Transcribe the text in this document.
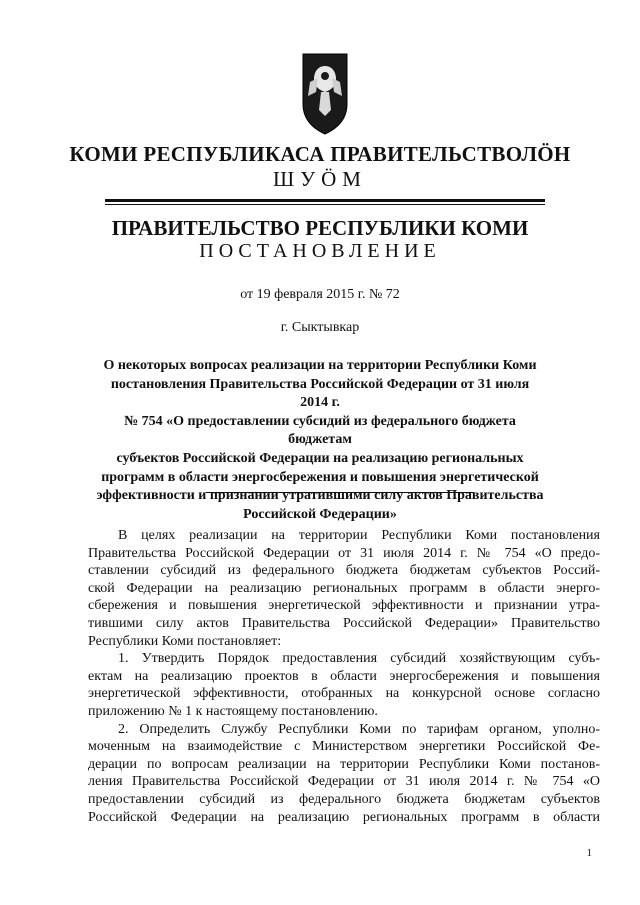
КОМИ РЕСПУБЛИКАСА ПРАВИТЕЛЬСТВОЛӦН
ШУӦМ
ПРАВИТЕЛЬСТВО РЕСПУБЛИКИ КОМИ
ПОСТАНОВЛЕНИЕ
от 19 февраля 2015 г. № 72
г. Сыктывкар
О некоторых вопросах реализации на территории Республики Коми
постановления Правительства Российской Федерации от 31 июля 2014 г.
№ 754 «О предоставлении субсидий из федерального бюджета бюджетам
субъектов Российской Федерации на реализацию региональных
программ в области энергосбережения и повышения энергетической
эффективности и признании утратившими силу актов Правительства
Российской Федерации»
В целях реализации на территории Республики Коми постановления
Правительства Российской Федерации от 31 июля 2014 г. № 754 «О предо-
ставлении субсидий из федерального бюджета бюджетам субъектов Россий-
ской Федерации на реализацию региональных программ в области энерго-
сбережения и повышения энергетической эффективности и признании утра-
тившими силу актов Правительства Российской Федерации» Правительство
Республики Коми постановляет:
1. Утвердить Порядок предоставления субсидий хозяйствующим субъ-
ектам на реализацию проектов в области энергосбережения и повышения
энергетической эффективности, отобранных на конкурсной основе согласно
приложению № 1 к настоящему постановлению.
2. Определить Службу Республики Коми по тарифам органом, уполно-
моченным на взаимодействие с Министерством энергетики Российской Фе-
дерации по вопросам реализации на территории Республики Коми постанов-
ления Правительства Российской Федерации от 31 июля 2014 г. № 754 «О
предоставлении субсидий из федерального бюджета бюджетам субъектов
Российской Федерации на реализацию региональных программ в области
1
